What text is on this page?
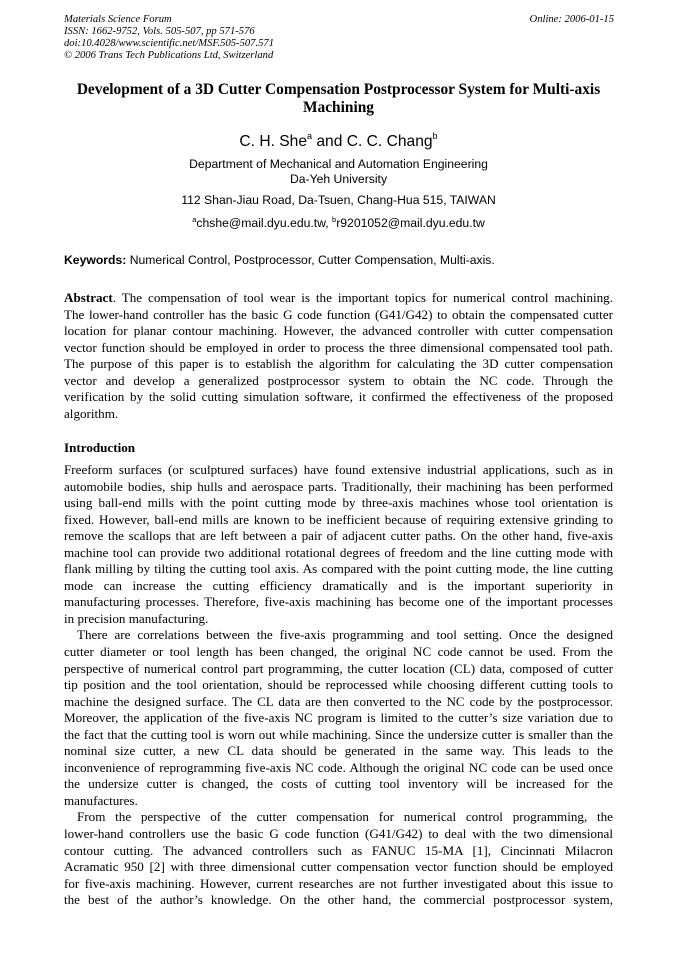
Materials Science Forum
ISSN: 1662-9752, Vols. 505-507, pp 571-576
doi:10.4028/www.scientific.net/MSF.505-507.571
© 2006 Trans Tech Publications Ltd, Switzerland
Online: 2006-01-15
Development of a 3D Cutter Compensation Postprocessor System for Multi-axis
Machining
C. H. She$^a$ and C. C. Chang$^b$
Department of Mechanical and Automation Engineering
Da-Yeh University
112 Shan-Jiau Road, Da-Tsuen, Chang-Hua 515, TAIWAN
$^a$chshe@mail.dyu.edu.tw, $^b$r9201052@mail.dyu.edu.tw
Keywords: Numerical Control, Postprocessor, Cutter Compensation, Multi-axis.
Abstract. The compensation of tool wear is the important topics for numerical control machining.
The lower-hand controller has the basic G code function (G41/G42) to obtain the compensated cutter
location for planar contour machining. However, the advanced controller with cutter compensation
vector function should be employed in order to process the three dimensional compensated tool path.
The purpose of this paper is to establish the algorithm for calculating the 3D cutter compensation
vector and develop a generalized postprocessor system to obtain the NC code. Through the
verification by the solid cutting simulation software, it confirmed the effectiveness of the proposed
algorithm.
Introduction
Freeform surfaces (or sculptured surfaces) have found extensive industrial applications, such as in
automobile bodies, ship hulls and aerospace parts. Traditionally, their machining has been performed
using ball-end mills with the point cutting mode by three-axis machines whose tool orientation is
fixed. However, ball-end mills are known to be inefficient because of requiring extensive grinding to
remove the scallops that are left between a pair of adjacent cutter paths. On the other hand, five-axis
machine tool can provide two additional rotational degrees of freedom and the line cutting mode with
flank milling by tilting the cutting tool axis. As compared with the point cutting mode, the line cutting
mode can increase the cutting efficiency dramatically and is the important superiority in
manufacturing processes. Therefore, five-axis machining has become one of the important processes
in precision manufacturing.
There are correlations between the five-axis programming and tool setting. Once the designed
cutter diameter or tool length has been changed, the original NC code cannot be used. From the
perspective of numerical control part programming, the cutter location (CL) data, composed of cutter
tip position and the tool orientation, should be reprocessed while choosing different cutting tools to
machine the designed surface. The CL data are then converted to the NC code by the postprocessor.
Moreover, the application of the five-axis NC program is limited to the cutter’s size variation due to
the fact that the cutting tool is worn out while machining. Since the undersize cutter is smaller than the
nominal size cutter, a new CL data should be generated in the same way. This leads to the
inconvenience of reprogramming five-axis NC code. Although the original NC code can be used once
the undersize cutter is changed, the costs of cutting tool inventory will be increased for the
manufactures.
From the perspective of the cutter compensation for numerical control programming, the
lower-hand controllers use the basic G code function (G41/G42) to deal with the two dimensional
contour cutting. The advanced controllers such as FANUC 15-MA [1], Cincinnati Milacron
Acramatic 950 [2] with three dimensional cutter compensation vector function should be employed
for five-axis machining. However, current researches are not further investigated about this issue to
the best of the author’s knowledge. On the other hand, the commercial postprocessor system,
